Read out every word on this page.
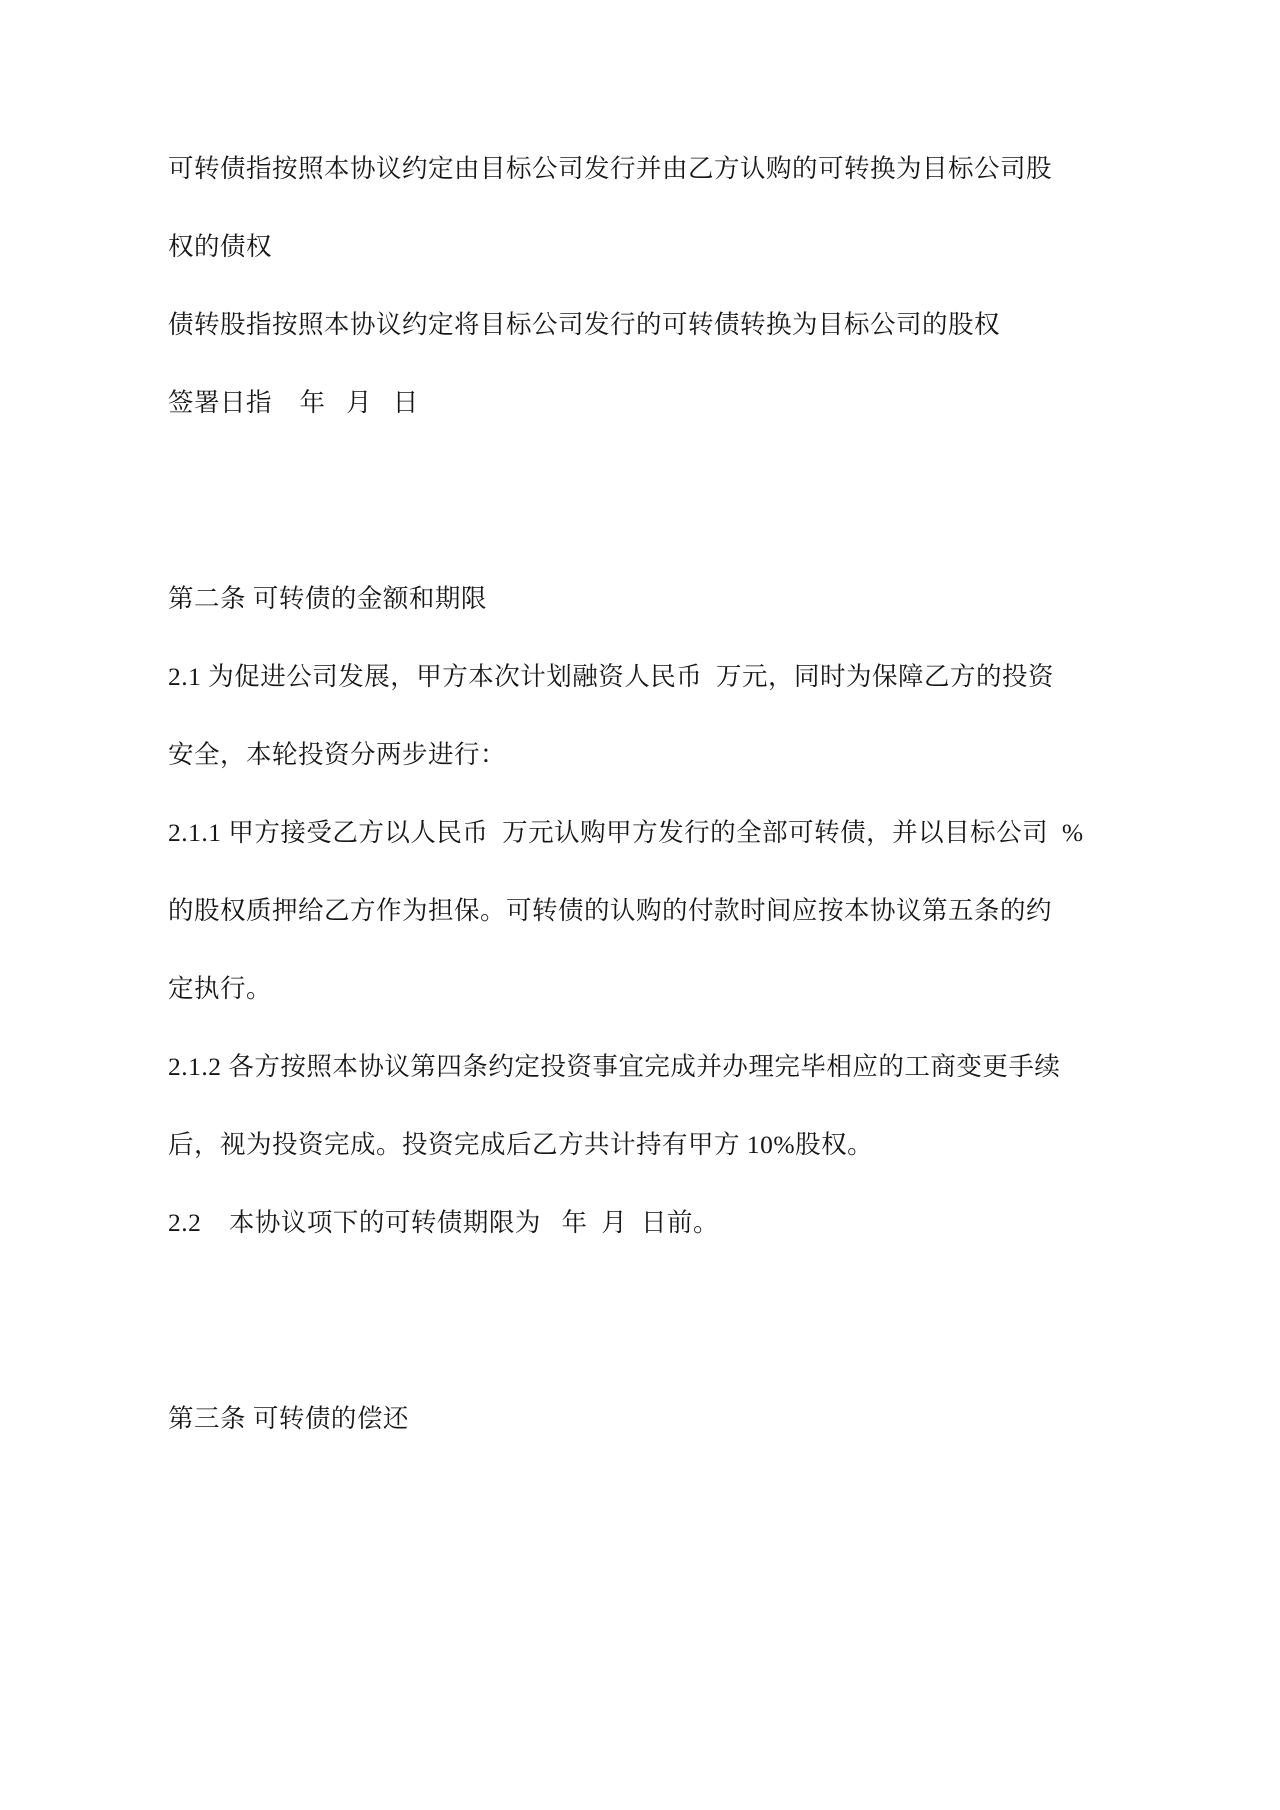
可转债指按照本协议约定由目标公司发行并由乙方认购的可转换为目标公司股
权的债权
债转股指按照本协议约定将目标公司发行的可转债转换为目标公司的股权
签署日指    年   月   日
第二条 可转债的金额和期限
2.1 为促进公司发展，甲方本次计划融资人民币  万元，同时为保障乙方的投资
安全，本轮投资分两步进行：
2.1.1 甲方接受乙方以人民币  万元认购甲方发行的全部可转债，并以目标公司  %
的股权质押给乙方作为担保。可转债的认购的付款时间应按本协议第五条的约
定执行。
2.1.2 各方按照本协议第四条约定投资事宜完成并办理完毕相应的工商变更手续
后，视为投资完成。投资完成后乙方共计持有甲方 10%股权。
2.2    本协议项下的可转债期限为   年  月  日前。
第三条 可转债的偿还
